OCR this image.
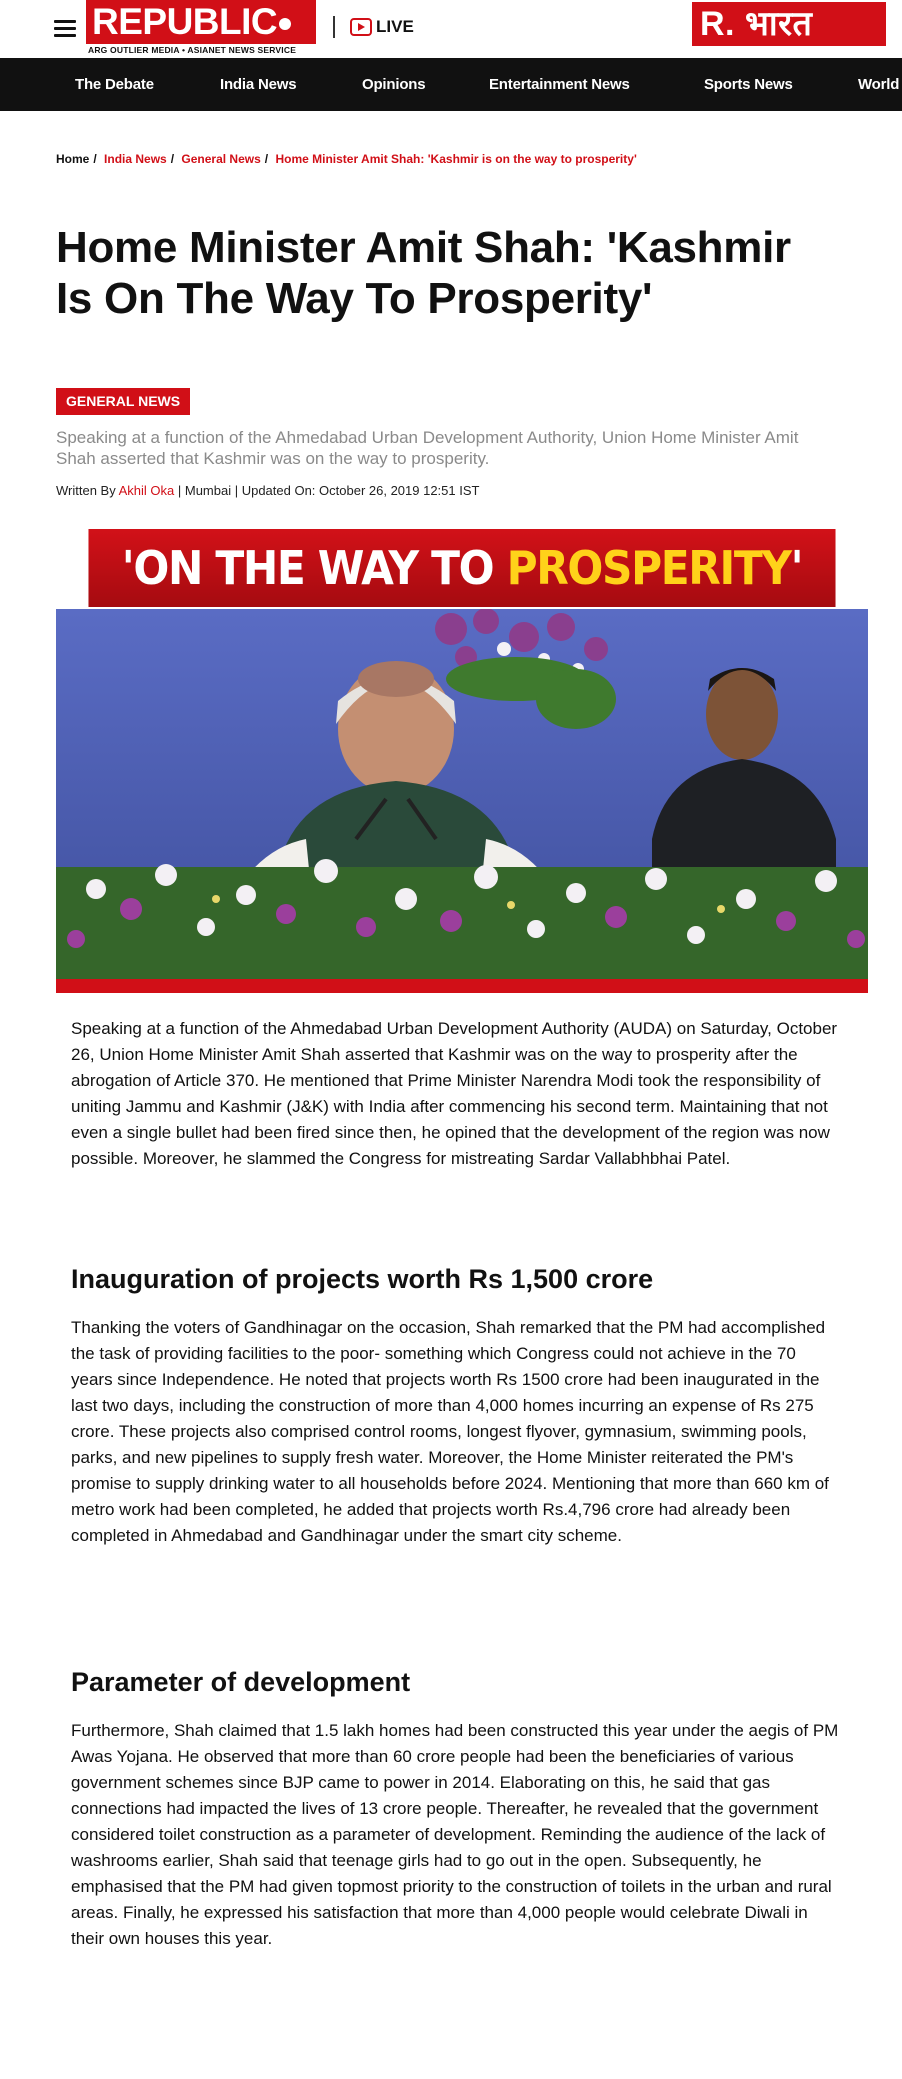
REPUBLIC
ARG OUTLIER MEDIA • ASIANET NEWS SERVICE
LIVE	R. भारत
The Debate	India News	Opinions	Entertainment News	Sports News	World
Home / India News / General News / Home Minister Amit Shah: 'Kashmir is on the way to prosperity'
Home Minister Amit Shah: 'Kashmir Is On The Way To Prosperity'
GENERAL NEWS

Speaking at a function of the Ahmedabad Urban Development Authority, Union Home Minister Amit Shah asserted that Kashmir was on the way to prosperity.

Written By Akhil Oka | Mumbai | Updated On: October 26, 2019 12:51 IST
'ON THE WAY TO PROSPERITY'

Speaking at a function of the Ahmedabad Urban Development Authority (AUDA) on Saturday, October 26, Union Home Minister Amit Shah asserted that Kashmir was on the way to prosperity after the abrogation of Article 370. He mentioned that Prime Minister Narendra Modi took the responsibility of uniting Jammu and Kashmir (J&K) with India after commencing his second term. Maintaining that not even a single bullet had been fired since then, he opined that the development of the region was now possible. Moreover, he slammed the Congress for mistreating Sardar Vallabhbhai Patel.

Inauguration of projects worth Rs 1,500 crore

Thanking the voters of Gandhinagar on the occasion, Shah remarked that the PM had accomplished the task of providing facilities to the poor- something which Congress could not achieve in the 70 years since Independence. He noted that projects worth Rs 1500 crore had been inaugurated in the last two days, including the construction of more than 4,000 homes incurring an expense of Rs 275 crore. These projects also comprised control rooms, longest flyover, gymnasium, swimming pools, parks, and new pipelines to supply fresh water. Moreover, the Home Minister reiterated the PM's promise to supply drinking water to all households before 2024. Mentioning that more than 660 km of metro work had been completed, he added that projects worth Rs.4,796 crore had already been completed in Ahmedabad and Gandhinagar under the smart city scheme.

Parameter of development

Furthermore, Shah claimed that 1.5 lakh homes had been constructed this year under the aegis of PM Awas Yojana. He observed that more than 60 crore people had been the beneficiaries of various government schemes since BJP came to power in 2014. Elaborating on this, he said that gas connections had impacted the lives of 13 crore people. Thereafter, he revealed that the government considered toilet construction as a parameter of development. Reminding the audience of the lack of washrooms earlier, Shah said that teenage girls had to go out in the open. Subsequently, he emphasised that the PM had given topmost priority to the construction of toilets in the urban and rural areas. Finally, he expressed his satisfaction that more than 4,000 people would celebrate Diwali in their own houses this year.
